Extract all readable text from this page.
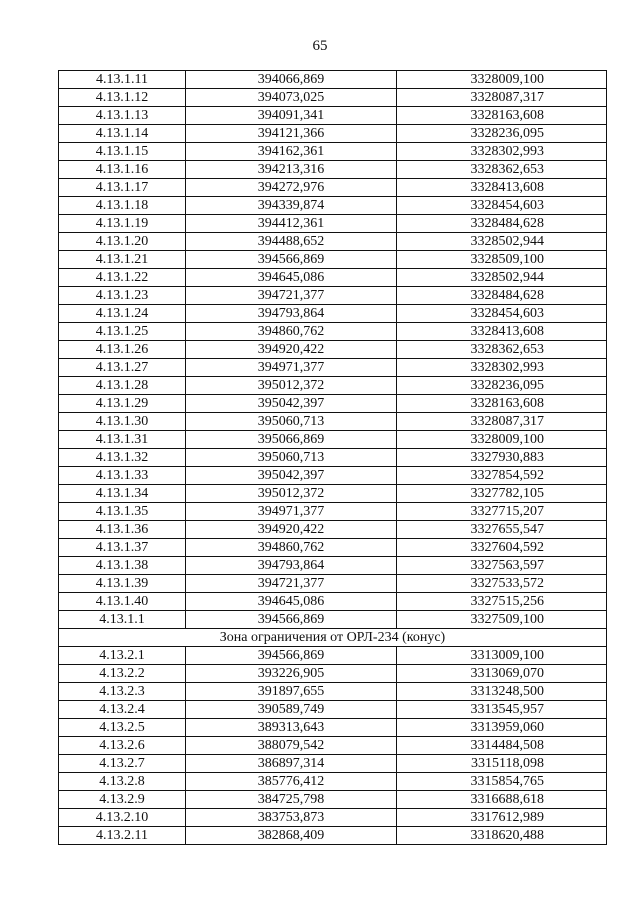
65
4.13.1.11	394066,869	3328009,100
4.13.1.12	394073,025	3328087,317
4.13.1.13	394091,341	3328163,608
4.13.1.14	394121,366	3328236,095
4.13.1.15	394162,361	3328302,993
4.13.1.16	394213,316	3328362,653
4.13.1.17	394272,976	3328413,608
4.13.1.18	394339,874	3328454,603
4.13.1.19	394412,361	3328484,628
4.13.1.20	394488,652	3328502,944
4.13.1.21	394566,869	3328509,100
4.13.1.22	394645,086	3328502,944
4.13.1.23	394721,377	3328484,628
4.13.1.24	394793,864	3328454,603
4.13.1.25	394860,762	3328413,608
4.13.1.26	394920,422	3328362,653
4.13.1.27	394971,377	3328302,993
4.13.1.28	395012,372	3328236,095
4.13.1.29	395042,397	3328163,608
4.13.1.30	395060,713	3328087,317
4.13.1.31	395066,869	3328009,100
4.13.1.32	395060,713	3327930,883
4.13.1.33	395042,397	3327854,592
4.13.1.34	395012,372	3327782,105
4.13.1.35	394971,377	3327715,207
4.13.1.36	394920,422	3327655,547
4.13.1.37	394860,762	3327604,592
4.13.1.38	394793,864	3327563,597
4.13.1.39	394721,377	3327533,572
4.13.1.40	394645,086	3327515,256
4.13.1.1	394566,869	3327509,100
Зона ограничения от ОРЛ-234 (конус)		
4.13.2.1	394566,869	3313009,100
4.13.2.2	393226,905	3313069,070
4.13.2.3	391897,655	3313248,500
4.13.2.4	390589,749	3313545,957
4.13.2.5	389313,643	3313959,060
4.13.2.6	388079,542	3314484,508
4.13.2.7	386897,314	3315118,098
4.13.2.8	385776,412	3315854,765
4.13.2.9	384725,798	3316688,618
4.13.2.10	383753,873	3317612,989
4.13.2.11	382868,409	3318620,488
